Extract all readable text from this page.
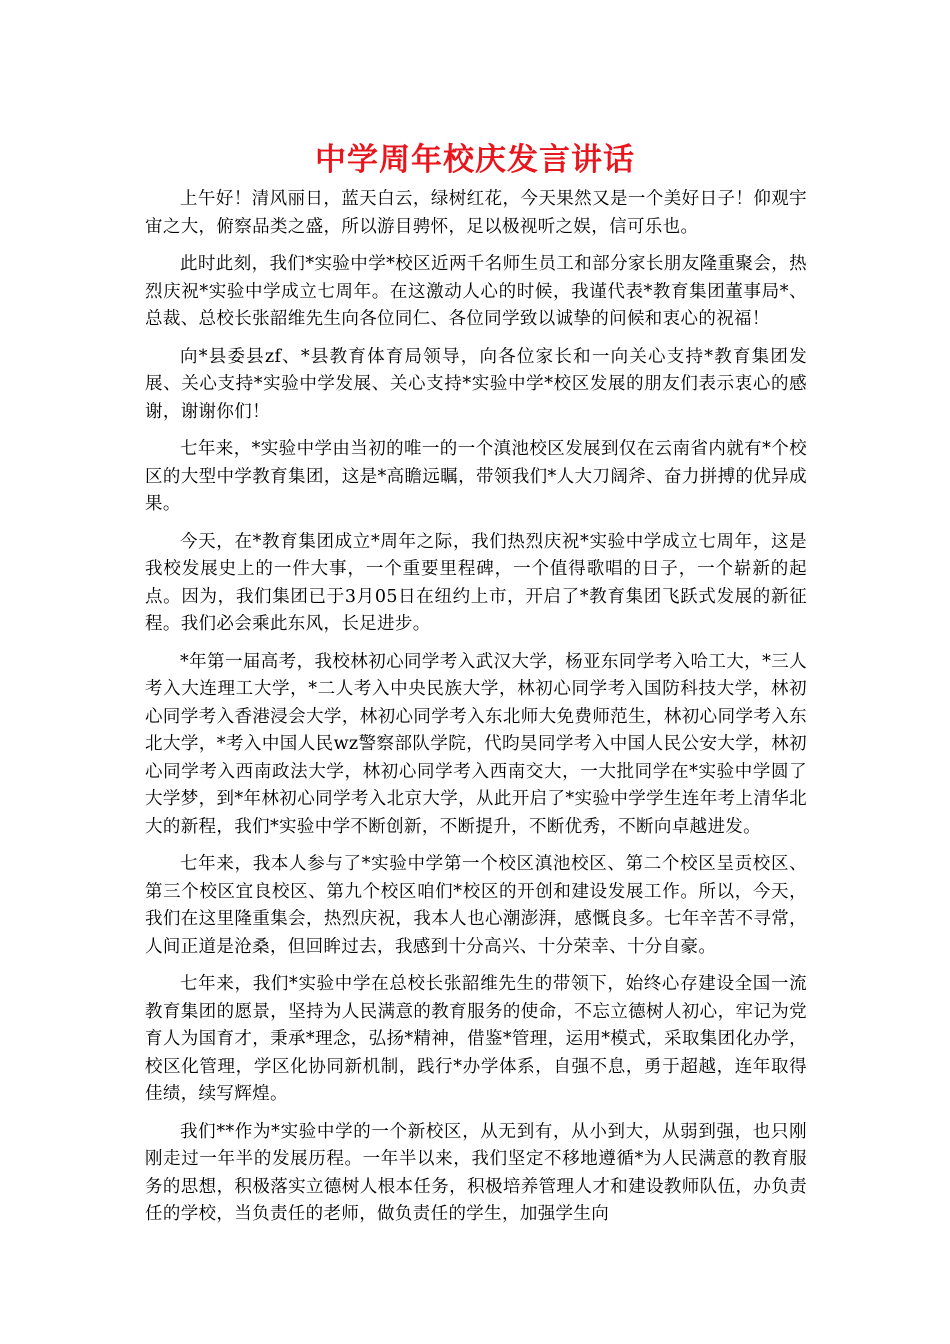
中学周年校庆发言讲话

上午好！清风丽日，蓝天白云，绿树红花，今天果然又是一个美好日子！仰观宇宙之大，俯察品类之盛，所以游目骋怀，足以极视听之娱，信可乐也。

此时此刻，我们*实验中学*校区近两千名师生员工和部分家长朋友隆重聚会，热烈庆祝*实验中学成立七周年。在这激动人心的时候，我谨代表*教育集团董事局*、总裁、总校长张韶维先生向各位同仁、各位同学致以诚挚的问候和衷心的祝福！

向*县委县zf、*县教育体育局领导，向各位家长和一向关心支持*教育集团发展、关心支持*实验中学发展、关心支持*实验中学*校区发展的朋友们表示衷心的感谢，谢谢你们！

七年来，*实验中学由当初的唯一的一个滇池校区发展到仅在云南省内就有*个校区的大型中学教育集团，这是*高瞻远瞩，带领我们*人大刀阔斧、奋力拼搏的优异成果。

今天，在*教育集团成立*周年之际，我们热烈庆祝*实验中学成立七周年，这是我校发展史上的一件大事，一个重要里程碑，一个值得歌唱的日子，一个崭新的起点。因为，我们集团已于3月05日在纽约上市，开启了*教育集团飞跃式发展的新征程。我们必会乘此东风，长足进步。

*年第一届高考，我校林初心同学考入武汉大学，杨亚东同学考入哈工大，*三人考入大连理工大学，*二人考入中央民族大学，林初心同学考入国防科技大学，林初心同学考入香港浸会大学，林初心同学考入东北师大免费师范生，林初心同学考入东北大学，*考入中国人民wz警察部队学院，代昀昊同学考入中国人民公安大学，林初心同学考入西南政法大学，林初心同学考入西南交大，一大批同学在*实验中学圆了大学梦，到*年林初心同学考入北京大学，从此开启了*实验中学学生连年考上清华北大的新程，我们*实验中学不断创新，不断提升，不断优秀，不断向卓越进发。

七年来，我本人参与了*实验中学第一个校区滇池校区、第二个校区呈贡校区、第三个校区宜良校区、第九个校区咱们*校区的开创和建设发展工作。所以，今天，我们在这里隆重集会，热烈庆祝，我本人也心潮澎湃，感慨良多。七年辛苦不寻常，人间正道是沧桑，但回眸过去，我感到十分高兴、十分荣幸、十分自豪。

七年来，我们*实验中学在总校长张韶维先生的带领下，始终心存建设全国一流教育集团的愿景，坚持为人民满意的教育服务的使命，不忘立德树人初心，牢记为党育人为国育才，秉承*理念，弘扬*精神，借鉴*管理，运用*模式，采取集团化办学，校区化管理，学区化协同新机制，践行*办学体系，自强不息，勇于超越，连年取得佳绩，续写辉煌。

我们**作为*实验中学的一个新校区，从无到有，从小到大，从弱到强，也只刚刚走过一年半的发展历程。一年半以来，我们坚定不移地遵循*为人民满意的教育服务的思想，积极落实立德树人根本任务，积极培养管理人才和建设教师队伍，办负责任的学校，当负责任的老师，做负责任的学生，加强学生向
